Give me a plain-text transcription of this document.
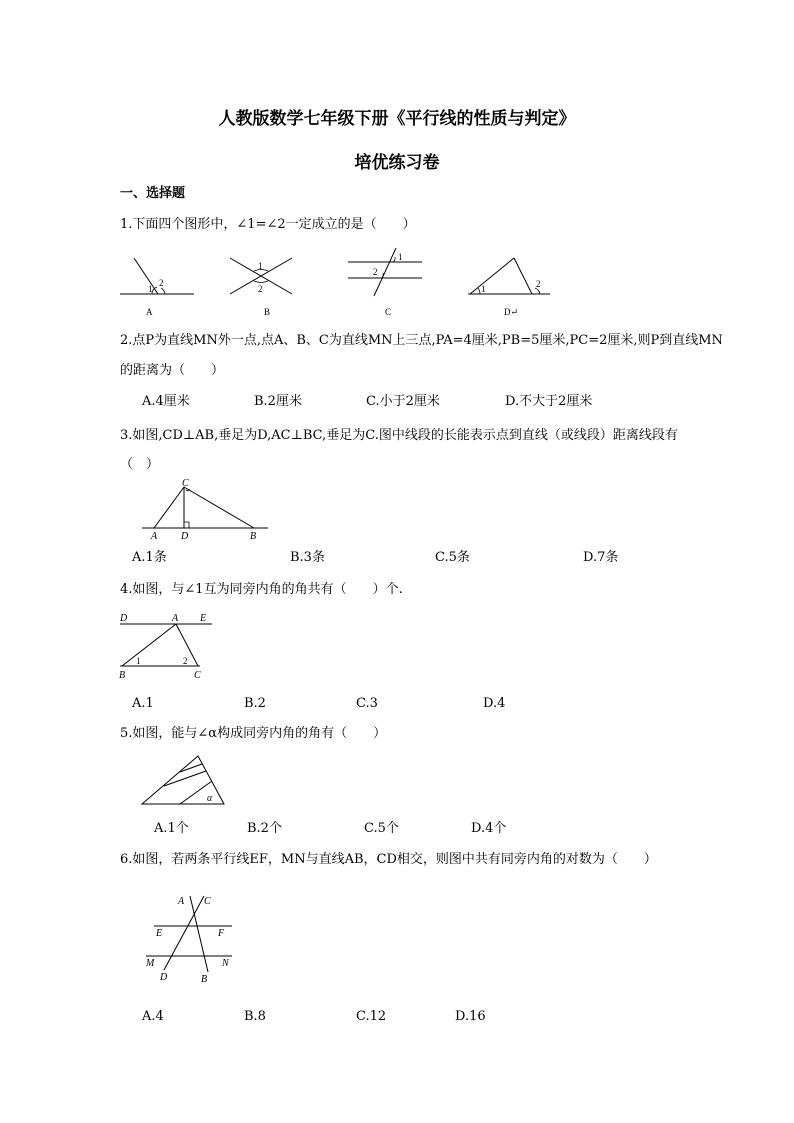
人教版数学七年级下册《平行线的性质与判定》
培优练习卷
一、选择题
1.下面四个图形中，∠1=∠2一定成立的是（　　）
1
2
A
1
2
B
1
2
C
1	2
D↵
2.点P为直线MN外一点,点A、B、C为直线MN上三点,PA=4厘米,PB=5厘米,PC=2厘米,则P到直线MN
的距离为（　　）
A.4厘米	B.2厘米	C.小于2厘米	D.不大于2厘米
3.如图,CD⊥AB,垂足为D,AC⊥BC,垂足为C.图中线段的长能表示点到直线（或线段）距离线段有
（　）
C
A D	B
A.1条	B.3条	C.5条	D.7条
4.如图，与∠1互为同旁内角的角共有（　　）个.
D	A E
B	C
1	2
A.1	B.2	C.3	D.4
5.如图，能与∠α构成同旁内角的角有（　　）
α
A.1个	B.2个	C.5个	D.4个
6.如图，若两条平行线EF，MN与直线AB，CD相交，则图中共有同旁内角的对数为（　　）
A C
E	F
M	N
D	B
A.4	B.8	C.12	D.16
